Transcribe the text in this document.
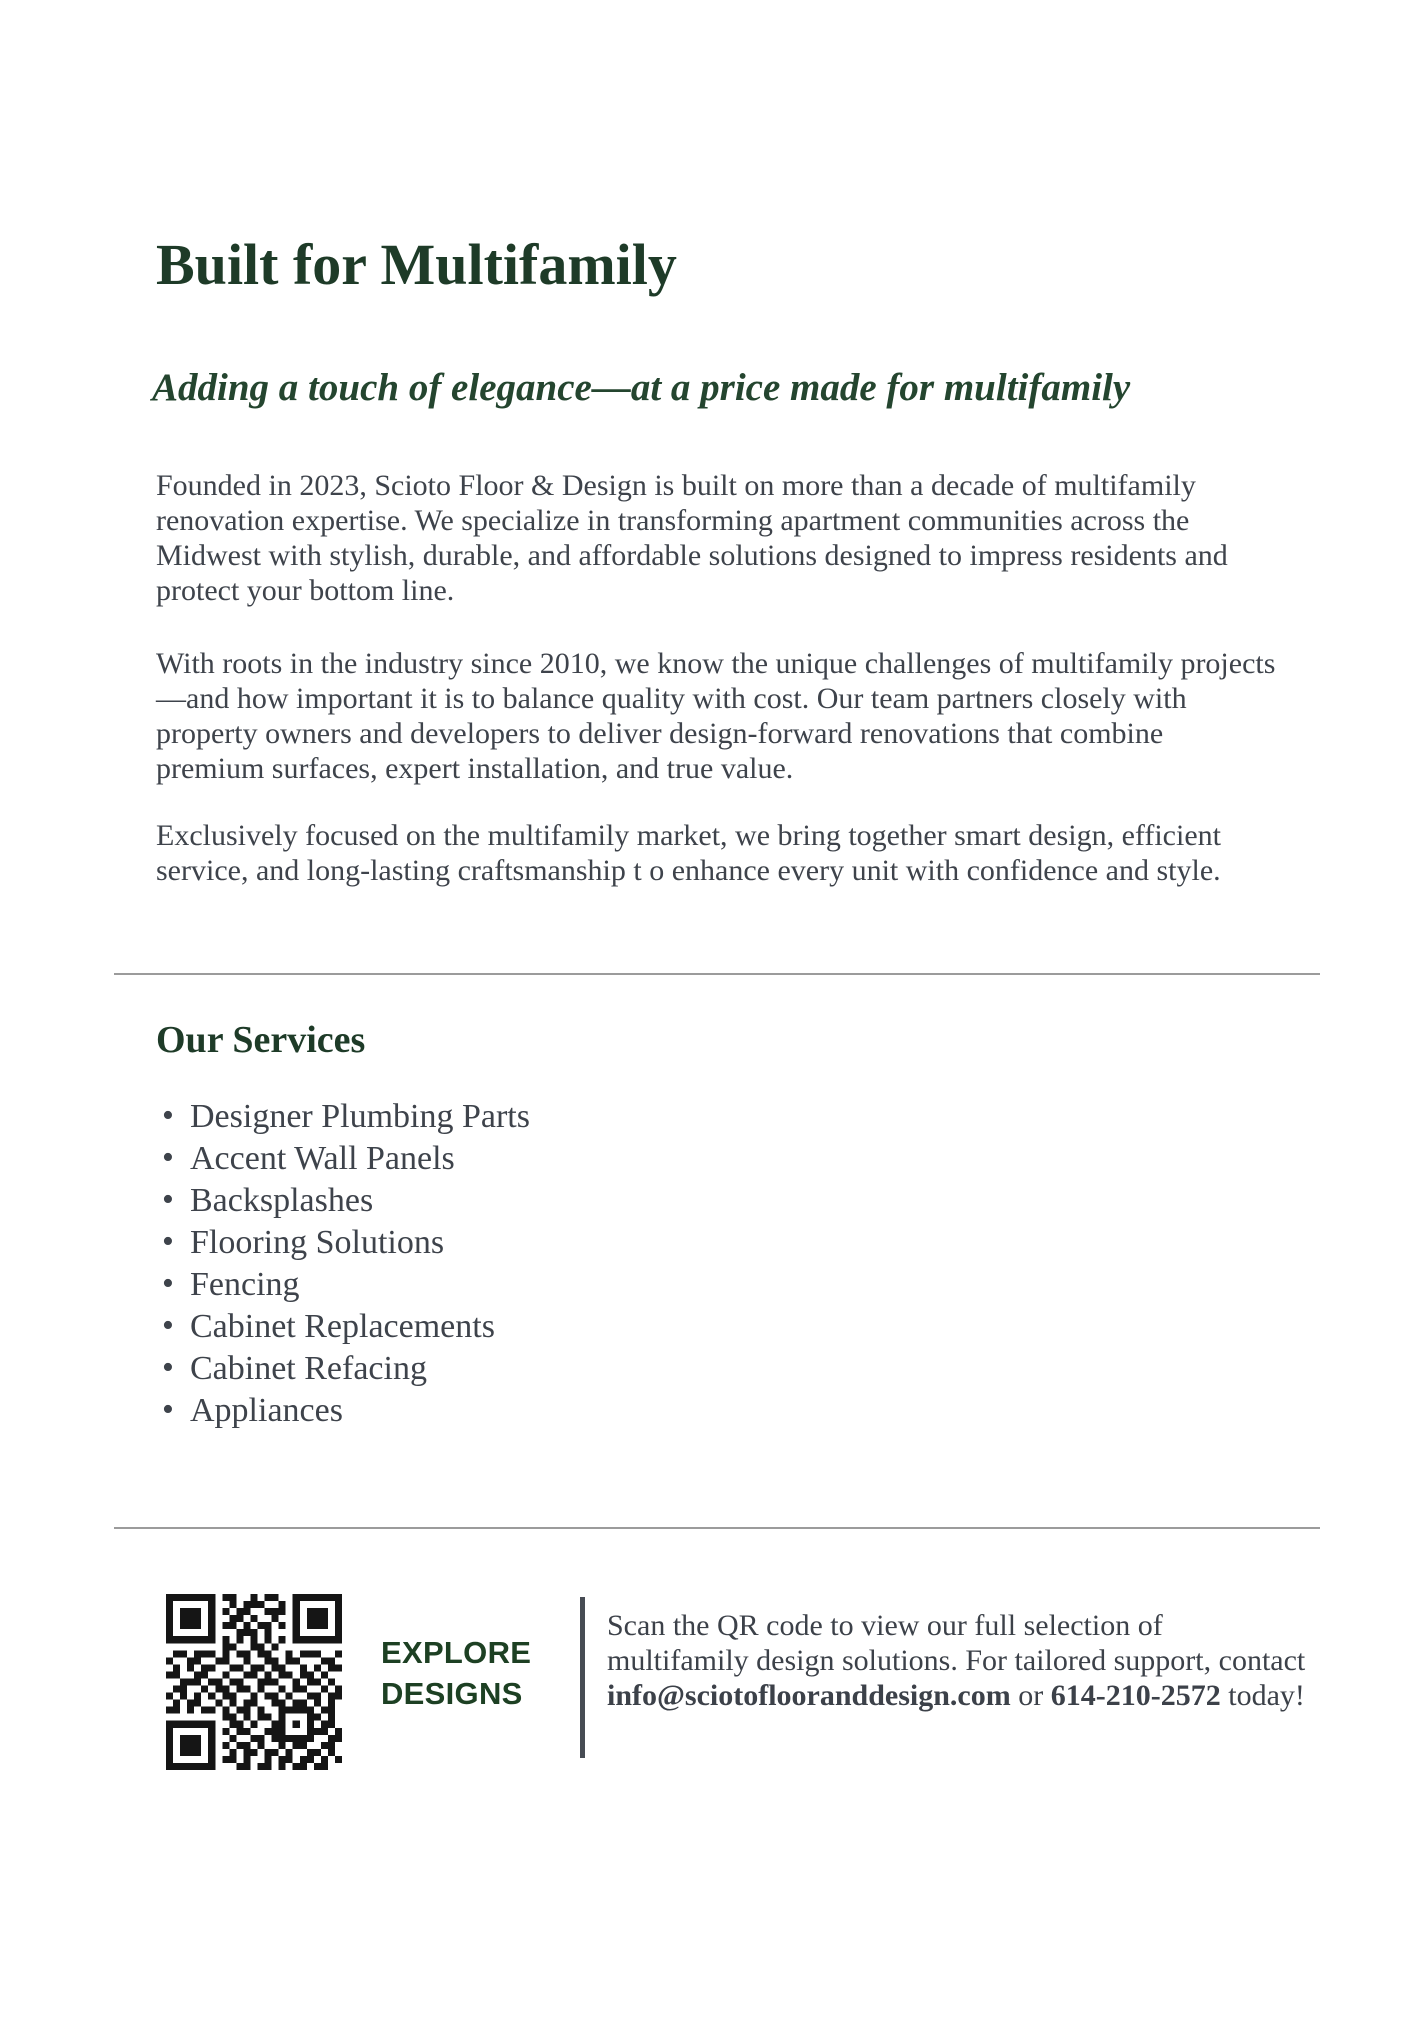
Built for Multifamily

Adding a touch of elegance—at a price made for multifamily

Founded in 2023, Scioto Floor & Design is built on more than a decade of multifamily renovation expertise. We specialize in transforming apartment communities across the Midwest with stylish, durable, and affordable solutions designed to impress residents and protect your bottom line.

With roots in the industry since 2010, we know the unique challenges of multifamily projects—and how important it is to balance quality with cost. Our team partners closely with property owners and developers to deliver design-forward renovations that combine premium surfaces, expert installation, and true value.

Exclusively focused on the multifamily market, we bring together smart design, efficient service, and long-lasting craftsmanship t o enhance every unit with confidence and style.

Our Services
• Designer Plumbing Parts
• Accent Wall Panels
• Backsplashes
• Flooring Solutions
• Fencing
• Cabinet Replacements
• Cabinet Refacing
• Appliances
EXPLORE DESIGNS

Scan the QR code to view our full selection of multifamily design solutions. For tailored support, contact info@sciotoflooranddesign.com or 614-210-2572 today!
